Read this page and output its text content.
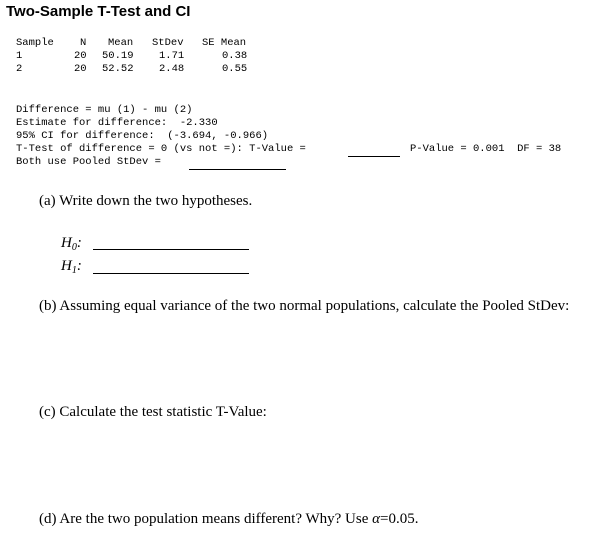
Two-Sample T-Test and CI
Sample N Mean StDev SE Mean
1	20 50.19 1.71	0.38
2	20 52.52 2.48	0.55
Difference = mu (1) - mu (2)
Estimate for difference:  -2.330
95% CI for difference:  (-3.694, -0.966)
T-Test of difference = 0 (vs not =): T-Value =	P-Value = 0.001  DF = 38
Both use Pooled StDev =
(a) Write down the two hypotheses.
$H_0$:
$H_1$:
(b) Assuming equal variance of the two normal populations, calculate the Pooled StDev:
(c) Calculate the test statistic T-Value:
(d) Are the two population means different? Why? Use α=0.05.
